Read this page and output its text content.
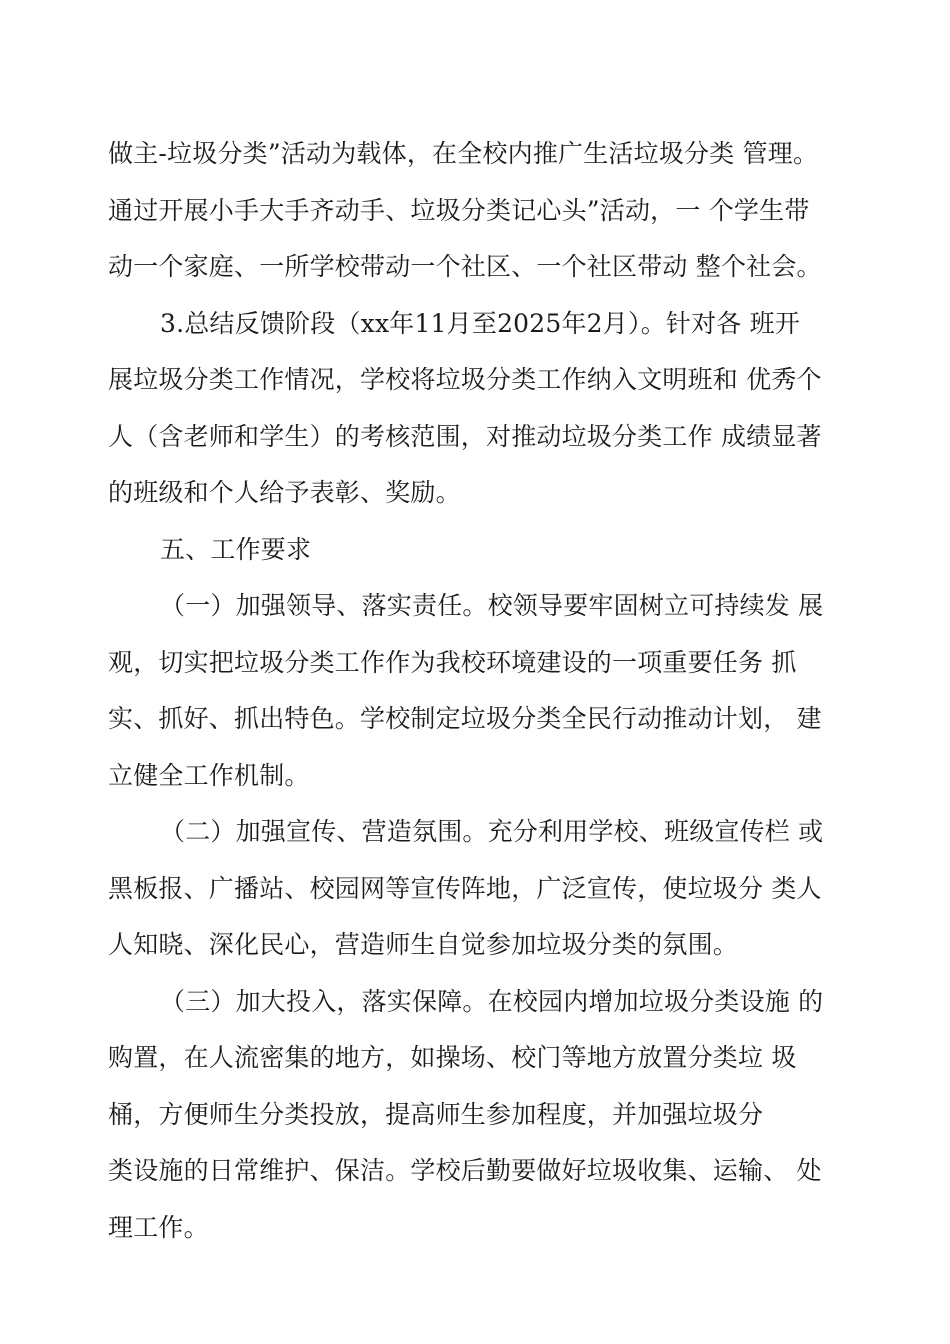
做主-垃圾分类”活动为载体，在全校内推广生活垃圾分类 管理。
通过开展小手大手齐动手、垃圾分类记心头”活动，一 个学生带
动一个家庭、一所学校带动一个社区、一个社区带动 整个社会。
3.总结反馈阶段（xx年11月至2025年2月）。针对各 班开
展垃圾分类工作情况，学校将垃圾分类工作纳入文明班和 优秀个
人（含老师和学生）的考核范围，对推动垃圾分类工作 成绩显著
的班级和个人给予表彰、奖励。
五、工作要求
（一）加强领导、落实责任。校领导要牢固树立可持续发 展
观，切实把垃圾分类工作作为我校环境建设的一项重要任务 抓
实、抓好、抓出特色。学校制定垃圾分类全民行动推动计划， 建
立健全工作机制。
（二）加强宣传、营造氛围。充分利用学校、班级宣传栏 或
黑板报、广播站、校园网等宣传阵地，广泛宣传，使垃圾分 类人
人知晓、深化民心，营造师生自觉参加垃圾分类的氛围。
（三）加大投入，落实保障。在校园内增加垃圾分类设施 的
购置，在人流密集的地方，如操场、校门等地方放置分类垃 圾
桶，方便师生分类投放，提高师生参加程度，并加强垃圾分
类设施的日常维护、保洁。学校后勤要做好垃圾收集、运输、 处
理工作。
